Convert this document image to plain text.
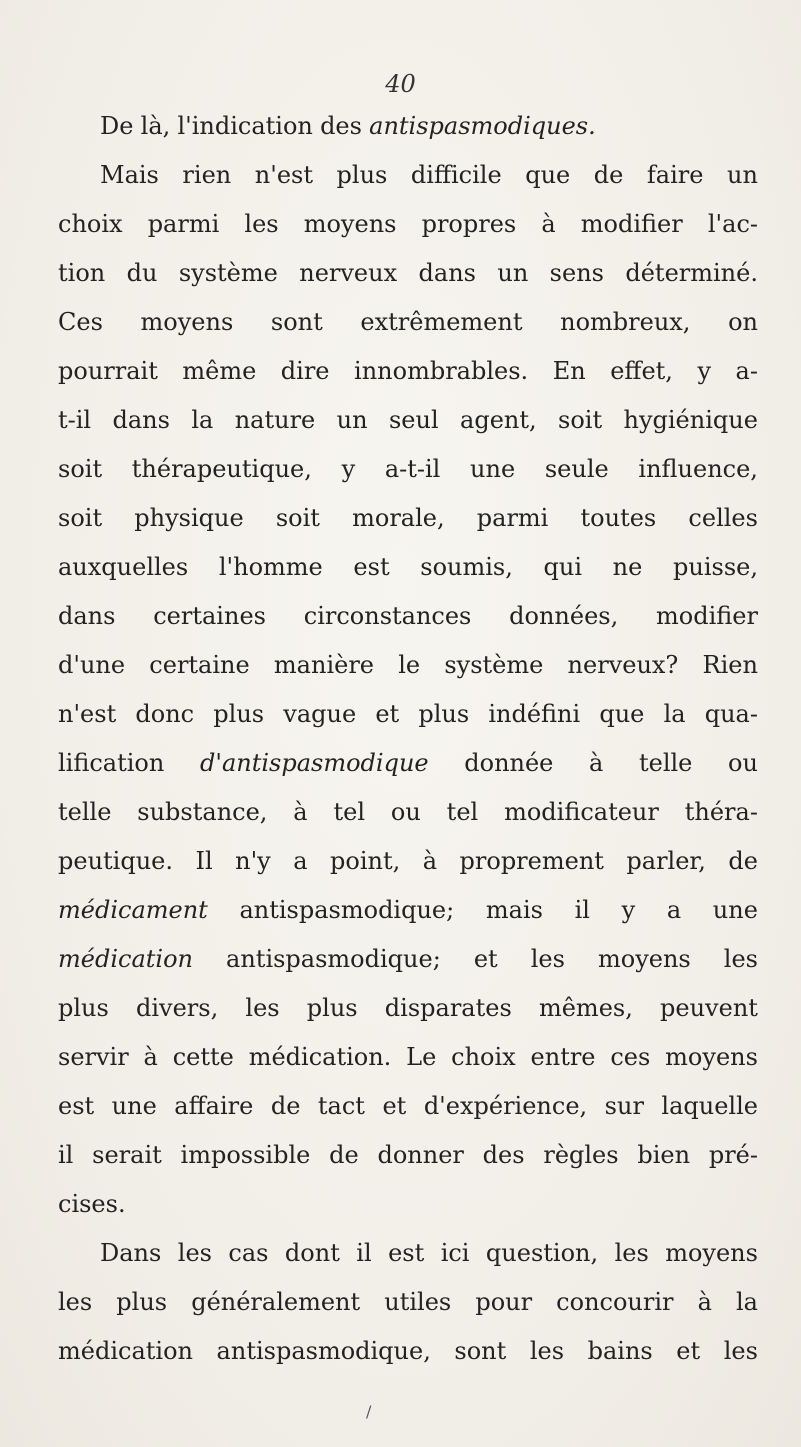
40
De là, l'indication des antispasmodiques.
Mais rien n'est plus difficile que de faire un
choix parmi les moyens propres à modifier l'ac-
tion du système nerveux dans un sens déterminé.
Ces moyens sont extrêmement nombreux, on
pourrait même dire innombrables. En effet, y a-
t-il dans la nature un seul agent, soit hygiénique
soit thérapeutique, y a-t-il une seule influence,
soit physique soit morale, parmi toutes celles
auxquelles l'homme est soumis, qui ne puisse,
dans certaines circonstances données, modifier
d'une certaine manière le système nerveux? Rien
n'est donc plus vague et plus indéfini que la qua-
lification d'antispasmodique donnée à telle ou
telle substance, à tel ou tel modificateur théra-
peutique. Il n'y a point, à proprement parler, de
médicament antispasmodique; mais il y a une
médication antispasmodique; et les moyens les
plus divers, les plus disparates mêmes, peuvent
servir à cette médication. Le choix entre ces moyens
est une affaire de tact et d'expérience, sur laquelle
il serait impossible de donner des règles bien pré-
cises.
Dans les cas dont il est ici question, les moyens
les plus généralement utiles pour concourir à la
médication antispasmodique, sont les bains et les
/
